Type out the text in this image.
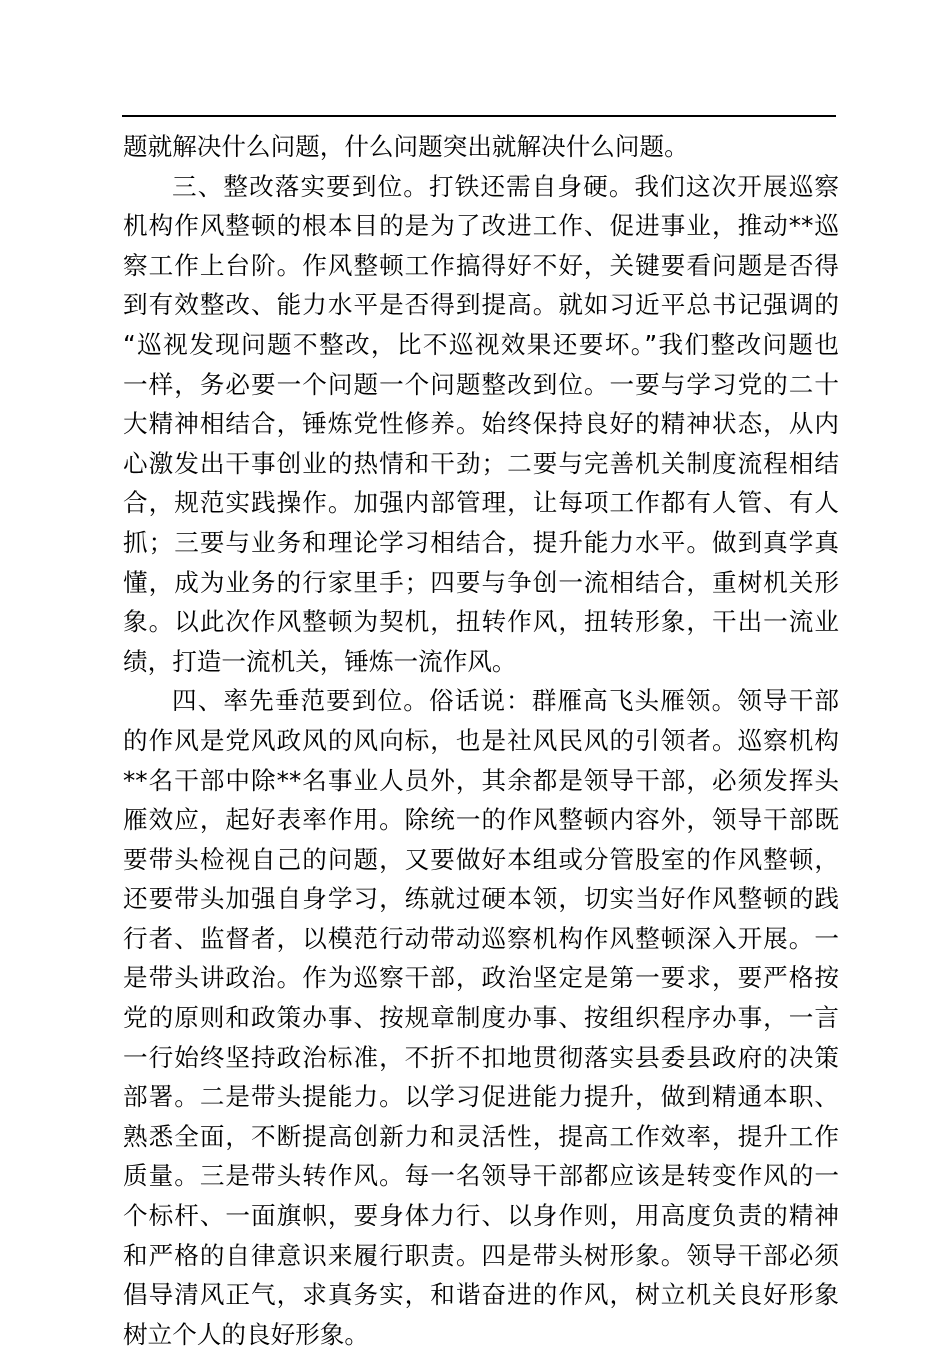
题就解决什么问题，什么问题突出就解决什么问题。
三、整改落实要到位。打铁还需自身硬。我们这次开展巡察
机构作风整顿的根本目的是为了改进工作、促进事业，推动**巡
察工作上台阶。作风整顿工作搞得好不好，关键要看问题是否得
到有效整改、能力水平是否得到提高。就如习近平总书记强调的
“巡视发现问题不整改，比不巡视效果还要坏。”我们整改问题也
一样，务必要一个问题一个问题整改到位。一要与学习党的二十
大精神相结合，锤炼党性修养。始终保持良好的精神状态，从内
心激发出干事创业的热情和干劲；二要与完善机关制度流程相结
合，规范实践操作。加强内部管理，让每项工作都有人管、有人
抓；三要与业务和理论学习相结合，提升能力水平。做到真学真
懂，成为业务的行家里手；四要与争创一流相结合，重树机关形
象。以此次作风整顿为契机，扭转作风，扭转形象，干出一流业
绩，打造一流机关，锤炼一流作风。
四、率先垂范要到位。俗话说：群雁高飞头雁领。领导干部
的作风是党风政风的风向标，也是社风民风的引领者。巡察机构
**名干部中除**名事业人员外，其余都是领导干部，必须发挥头
雁效应，起好表率作用。除统一的作风整顿内容外，领导干部既
要带头检视自己的问题，又要做好本组或分管股室的作风整顿，
还要带头加强自身学习，练就过硬本领，切实当好作风整顿的践
行者、监督者，以模范行动带动巡察机构作风整顿深入开展。一
是带头讲政治。作为巡察干部，政治坚定是第一要求，要严格按
党的原则和政策办事、按规章制度办事、按组织程序办事，一言
一行始终坚持政治标准，不折不扣地贯彻落实县委县政府的决策
部署。二是带头提能力。以学习促进能力提升，做到精通本职、
熟悉全面，不断提高创新力和灵活性，提高工作效率，提升工作
质量。三是带头转作风。每一名领导干部都应该是转变作风的一
个标杆、一面旗帜，要身体力行、以身作则，用高度负责的精神
和严格的自律意识来履行职责。四是带头树形象。领导干部必须
倡导清风正气，求真务实，和谐奋进的作风，树立机关良好形象
树立个人的良好形象。
